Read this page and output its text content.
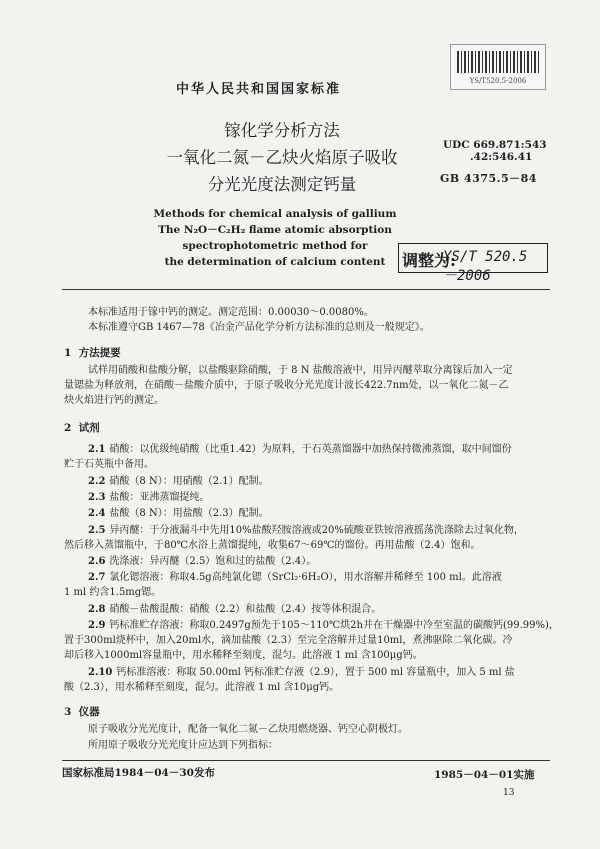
YS/T520.5-2006
中华人民共和国国家标准
镓化学分析方法
一氧化二氮－乙炔火焰原子吸收
分光光度法测定钙量
UDC 669.871:543
.42:546.41
GB 4375.5－84
Methods for chemical analysis of gallium
The N₂O－C₂H₂ flame atomic absorption
spectrophotometric method for
the determination of calcium content	调整为:
YS/T 520.5 －2006
本标准适用于镓中钙的测定。测定范围：0.00030～0.0080%。
本标准遵守GB 1467—78《冶金产品化学分析方法标准的总则及一般规定》。
1 方法提要
试样用硝酸和盐酸分解，以盐酸驱除硝酸，于 8 N 盐酸溶液中，用异丙醚萃取分离镓后加入一定
量锶盐为释放剂，在硝酸－盐酸介质中，于原子吸收分光光度计波长422.7nm处，以一氧化二氮－乙
炔火焰进行钙的测定。
2 试剂
2.1 硝酸：以优级纯硝酸（比重1.42）为原料，于石英蒸馏器中加热保持微沸蒸馏，取中间馏份
贮于石英瓶中备用。
2.2 硝酸（8 N）：用硝酸（2.1）配制。
2.3 盐酸：亚沸蒸馏提纯。
2.4 盐酸（8 N）：用盐酸（2.3）配制。
2.5 异丙醚：于分液漏斗中先用10%盐酸羟胺溶液或20%硫酸亚铁铵溶液摇荡洗涤除去过氧化物，
然后移入蒸馏瓶中，于80℃水浴上蒸馏提纯，收集67～69℃的馏份。再用盐酸（2.4）饱和。
2.6 洗涤液：异丙醚（2.5）饱和过的盐酸（2.4）。
2.7 氯化锶溶液：称取4.5g高纯氯化锶（SrCl₂·6H₂O），用水溶解并稀释至 100 ml。此溶液
1 ml 约含1.5mg锶。
2.8 硝酸－盐酸混酸：硝酸（2.2）和盐酸（2.4）按等体积混合。
2.9 钙标准贮存溶液：称取0.2497g预先于105～110℃烘2h并在干燥器中冷至室温的碳酸钙(99.99%)，
置于300ml烧杯中，加入20ml水，滴加盐酸（2.3）至完全溶解并过量10ml，煮沸驱除二氧化碳。冷
却后移入1000ml容量瓶中，用水稀释至刻度，混匀。此溶液 1 ml 含100μg钙。
2.10 钙标准溶液：称取 50.00ml 钙标准贮存液（2.9），置于 500 ml 容量瓶中，加入 5 ml 盐
酸（2.3），用水稀释至刻度，混匀。此溶液 1 ml 含10μg钙。
3 仪器
原子吸收分光光度计，配备一氧化二氮－乙炔用燃烧器、钙空心阴极灯。
所用原子吸收分光光度计应达到下列指标：
国家标准局1984－04－30发布	1985－04－01实施
13
